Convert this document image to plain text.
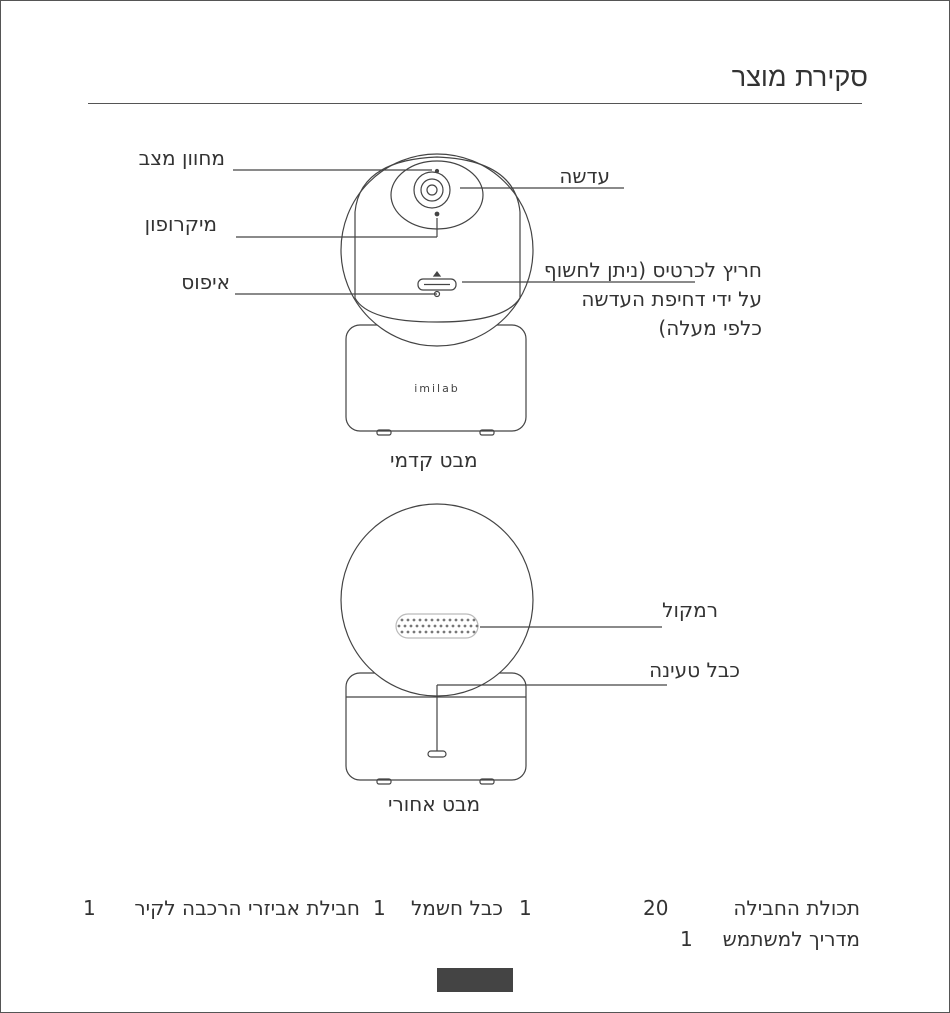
סקירת מוצר
imilab
מחוון מצב
מיקרופון
איפוס
עדשה
חריץ לכרטיס (ניתן לחשוף על ידי דחיפת העדשה כלפי מעלה)
מבט קדמי
רמקול
כבל טעינה
מבט אחורי
תכולת החבילה
20
1
כבל חשמל
1
חבילת אביזרי הרכבה לקיר
1 מדריך למשתמש
1
